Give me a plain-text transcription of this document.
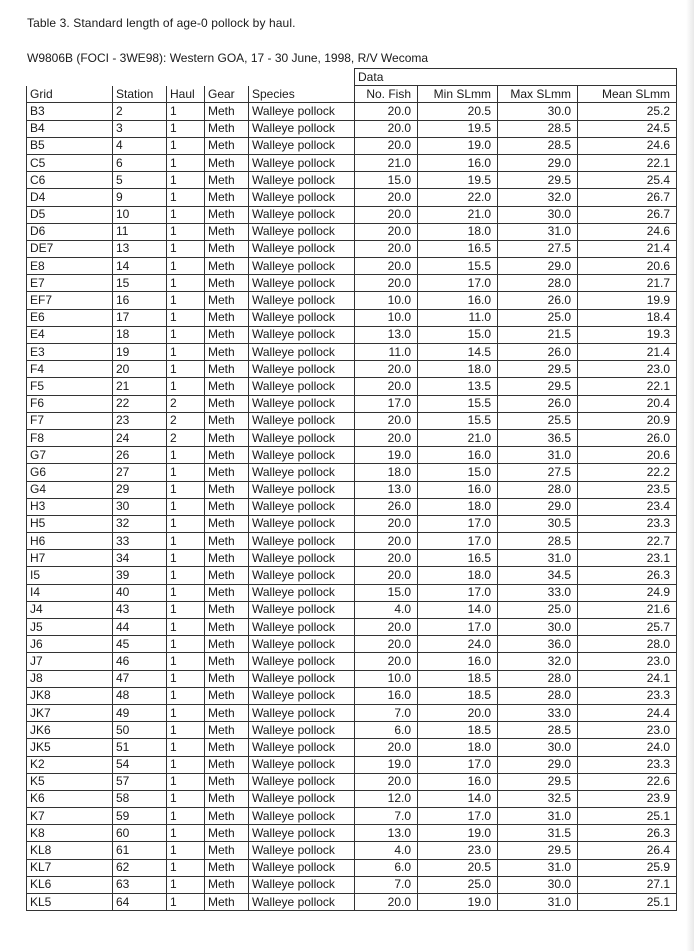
Table 3. Standard length of age-0 pollock by haul.
W9806B (FOCI - 3WE98): Western GOA, 17 - 30 June, 1998, R/V Wecoma
					Data			
Grid	Station	Haul	Gear	Species	No. Fish	Min SLmm	Max SLmm	Mean SLmm
B3	2	1	Meth	Walleye pollock	20.0	20.5	30.0	25.2
B4	3	1	Meth	Walleye pollock	20.0	19.5	28.5	24.5
B5	4	1	Meth	Walleye pollock	20.0	19.0	28.5	24.6
C5	6	1	Meth	Walleye pollock	21.0	16.0	29.0	22.1
C6	5	1	Meth	Walleye pollock	15.0	19.5	29.5	25.4
D4	9	1	Meth	Walleye pollock	20.0	22.0	32.0	26.7
D5	10	1	Meth	Walleye pollock	20.0	21.0	30.0	26.7
D6	11	1	Meth	Walleye pollock	20.0	18.0	31.0	24.6
DE7	13	1	Meth	Walleye pollock	20.0	16.5	27.5	21.4
E8	14	1	Meth	Walleye pollock	20.0	15.5	29.0	20.6
E7	15	1	Meth	Walleye pollock	20.0	17.0	28.0	21.7
EF7	16	1	Meth	Walleye pollock	10.0	16.0	26.0	19.9
E6	17	1	Meth	Walleye pollock	10.0	11.0	25.0	18.4
E4	18	1	Meth	Walleye pollock	13.0	15.0	21.5	19.3
E3	19	1	Meth	Walleye pollock	11.0	14.5	26.0	21.4
F4	20	1	Meth	Walleye pollock	20.0	18.0	29.5	23.0
F5	21	1	Meth	Walleye pollock	20.0	13.5	29.5	22.1
F6	22	2	Meth	Walleye pollock	17.0	15.5	26.0	20.4
F7	23	2	Meth	Walleye pollock	20.0	15.5	25.5	20.9
F8	24	2	Meth	Walleye pollock	20.0	21.0	36.5	26.0
G7	26	1	Meth	Walleye pollock	19.0	16.0	31.0	20.6
G6	27	1	Meth	Walleye pollock	18.0	15.0	27.5	22.2
G4	29	1	Meth	Walleye pollock	13.0	16.0	28.0	23.5
H3	30	1	Meth	Walleye pollock	26.0	18.0	29.0	23.4
H5	32	1	Meth	Walleye pollock	20.0	17.0	30.5	23.3
H6	33	1	Meth	Walleye pollock	20.0	17.0	28.5	22.7
H7	34	1	Meth	Walleye pollock	20.0	16.5	31.0	23.1
I5	39	1	Meth	Walleye pollock	20.0	18.0	34.5	26.3
I4	40	1	Meth	Walleye pollock	15.0	17.0	33.0	24.9
J4	43	1	Meth	Walleye pollock	4.0	14.0	25.0	21.6
J5	44	1	Meth	Walleye pollock	20.0	17.0	30.0	25.7
J6	45	1	Meth	Walleye pollock	20.0	24.0	36.0	28.0
J7	46	1	Meth	Walleye pollock	20.0	16.0	32.0	23.0
J8	47	1	Meth	Walleye pollock	10.0	18.5	28.0	24.1
JK8	48	1	Meth	Walleye pollock	16.0	18.5	28.0	23.3
JK7	49	1	Meth	Walleye pollock	7.0	20.0	33.0	24.4
JK6	50	1	Meth	Walleye pollock	6.0	18.5	28.5	23.0
JK5	51	1	Meth	Walleye pollock	20.0	18.0	30.0	24.0
K2	54	1	Meth	Walleye pollock	19.0	17.0	29.0	23.3
K5	57	1	Meth	Walleye pollock	20.0	16.0	29.5	22.6
K6	58	1	Meth	Walleye pollock	12.0	14.0	32.5	23.9
K7	59	1	Meth	Walleye pollock	7.0	17.0	31.0	25.1
K8	60	1	Meth	Walleye pollock	13.0	19.0	31.5	26.3
KL8	61	1	Meth	Walleye pollock	4.0	23.0	29.5	26.4
KL7	62	1	Meth	Walleye pollock	6.0	20.5	31.0	25.9
KL6	63	1	Meth	Walleye pollock	7.0	25.0	30.0	27.1
KL5	64	1	Meth	Walleye pollock	20.0	19.0	31.0	25.1
